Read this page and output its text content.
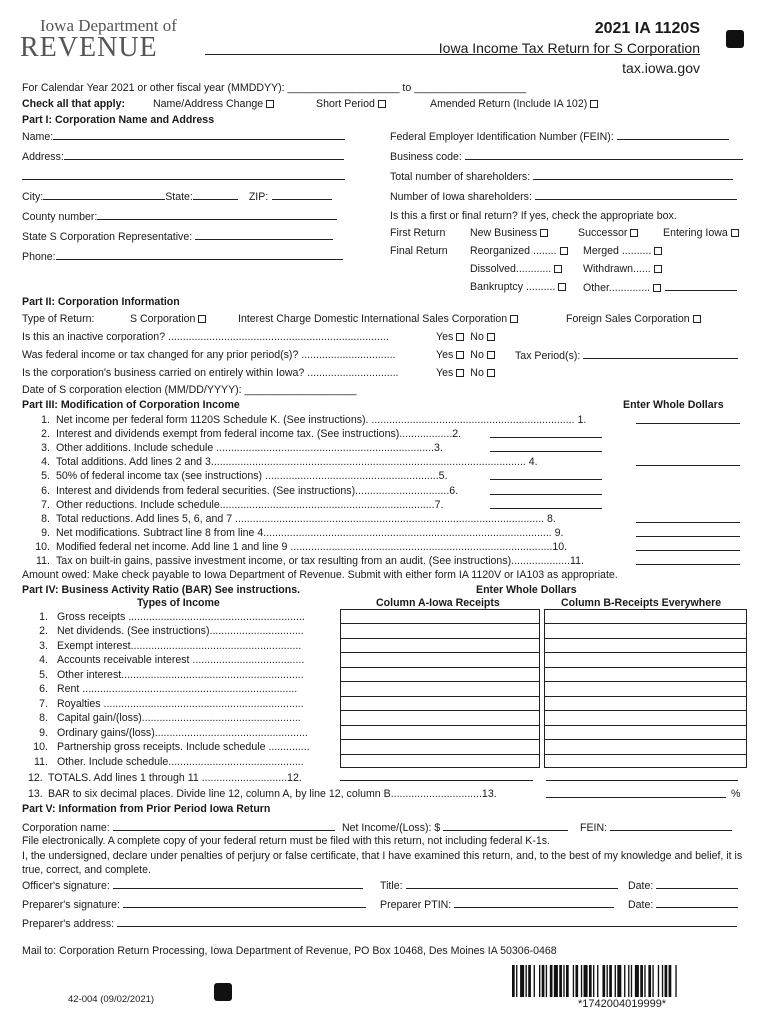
Iowa Department of
REVENUE
2021 IA 1120S
Iowa Income Tax Return for S Corporation
tax.iowa.gov
For Calendar Year 2021 or other fiscal year (MMDDYY): ___________________ to ___________________
Check all that apply:	Name/Address Change	Short Period	Amended Return (Include IA 102)
Part I: Corporation Name and Address
Name:
Address:
City:	State:	ZIP:
County number:
State S Corporation Representative:
Phone:
Federal Employer Identification Number (FEIN):
Business code:
Total number of shareholders:
Number of Iowa shareholders:
Is this a first or final return? If yes, check the appropriate box.
First Return New Business	Successor	Entering Iowa
Final Return Reorganized ........	Merged ..........
Dissolved............	Withdrawn......
Bankruptcy ..........	Other..............
Part II: Corporation Information
Type of Return:	S Corporation	Interest Charge Domestic International Sales Corporation	Foreign Sales Corporation
Is this an inactive corporation? ...........................................................................	Yes No
Was federal income or tax changed for any prior period(s)? ................................	Yes No	Tax Period(s):
Is the corporation's business carried on entirely within Iowa? ...............................	Yes No
Date of S corporation election (MM/DD/YYYY): ___________________
Part III: Modification of Corporation Income	Enter Whole Dollars
1. Net income per federal form 1120S Schedule K. (See instructions). ..................................................................... 1.
2. Interest and dividends exempt from federal income tax. (See instructions)..................2.
3. Other additions. Include schedule ..........................................................................3.
4. Total additions. Add lines 2 and 3........................................................................................................... 4.
5. 50% of federal income tax (see instructions) ...........................................................5.
6. Interest and dividends from federal securities. (See instructions)................................6.
7. Other reductions. Include schedule.........................................................................7.
8. Total reductions. Add lines 5, 6, and 7 ......................................................................................................... 8.
9. Net modifications. Subtract line 8 from line 4.................................................................................................. 9.
10. Modified federal net income. Add line 1 and line 9 .........................................................................................10.
11. Tax on built-in gains, passive investment income, or tax resulting from an audit. (See instructions)....................11.
Amount owed: Make check payable to Iowa Department of Revenue. Submit with either form IA 1120V or IA103 as appropriate.
Part IV: Business Activity Ratio (BAR) See instructions.	Enter Whole Dollars
Types of Income	Column A-Iowa Receipts	Column B-Receipts Everywhere
1. Gross receipts ............................................................
2. Net dividends. (See instructions)................................
3. Exempt interest..........................................................
4. Accounts receivable interest ......................................
5. Other interest..............................................................
6. Rent .........................................................................
7. Royalties ....................................................................
8. Capital gain/(loss)......................................................
9. Ordinary gains/(loss)....................................................
10. Partnership gross receipts. Include schedule ..............
11. Other. Include schedule..............................................
12. TOTALS. Add lines 1 through 11 .............................12.
13. BAR to six decimal places. Divide line 12, column A, by line 12, column B...............................13.	%
Part V: Information from Prior Period Iowa Return
Corporation name:	Net Income/(Loss): $	FEIN:
File electronically. A complete copy of your federal return must be filed with this return, not including federal K-1s.
I, the undersigned, declare under penalties of perjury or false certificate, that I have examined this return, and, to the best of my knowledge and belief, it is true, correct, and complete.
Officer's signature:	Title:	Date:
Preparer's signature:	Preparer PTIN:	Date:
Preparer's address:
Mail to: Corporation Return Processing, Iowa Department of Revenue, PO Box 10468, Des Moines IA 50306-0468
42-004 (09/02/2021)	*1742004019999*
